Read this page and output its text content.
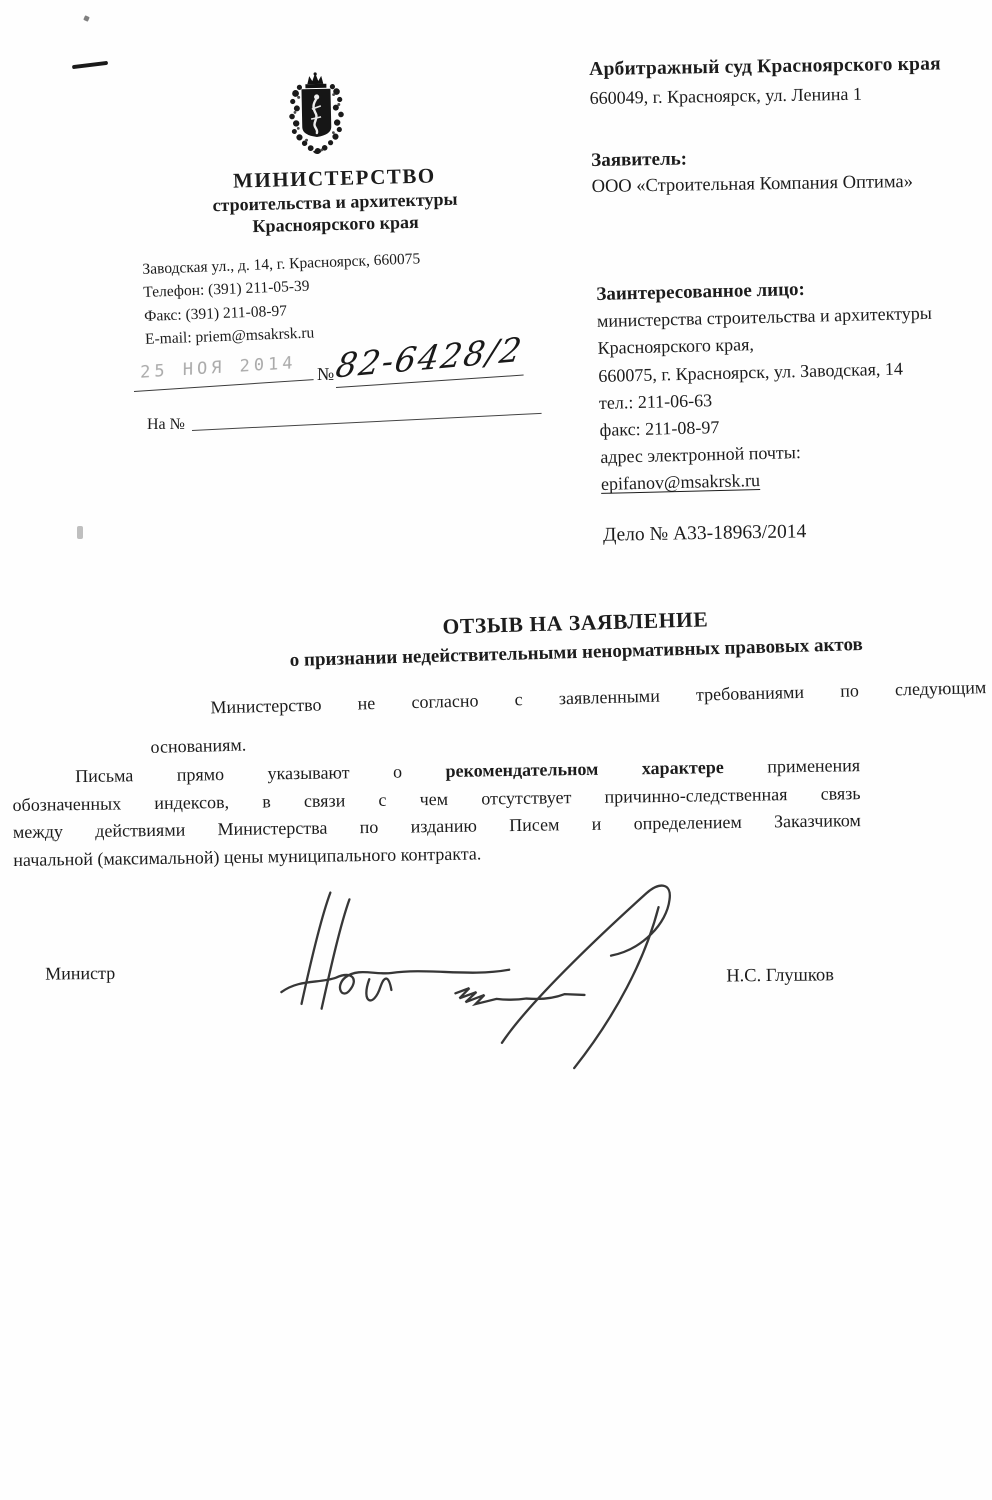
МИНИСТЕРСТВО
строительства и архитектуры
Красноярского края
Заводская ул., д. 14, г. Красноярск, 660075
Телефон: (391) 211-05-39
Факс: (391) 211-08-97
E-mail: priem@msakrsk.ru
25 НОЯ 2014 № 82-6428/2
На №
Арбитражный суд Красноярского края
660049, г. Красноярск, ул. Ленина 1
Заявитель:
ООО «Строительная Компания Оптима»
Заинтересованное лицо:
министерства строительства и архитектуры
Красноярского края,
660075, г. Красноярск, ул. Заводская, 14
тел.: 211-06-63
факс: 211-08-97
адрес электронной почты:
epifanov@msakrsk.ru
Дело № А33-18963/2014
ОТЗЫВ НА ЗАЯВЛЕНИЕ
о признании недействительными ненормативных правовых актов
Министерство не согласно с заявленными требованиями по следующим
основаниям.
Письма прямо указывают о рекомендательном характере применения
обозначенных индексов, в связи с чем отсутствует причинно-следственная связь
между действиями Министерства по изданию Писем и определением Заказчиком
начальной (максимальной) цены муниципального контракта.
Министр	Н.С. Глушков
